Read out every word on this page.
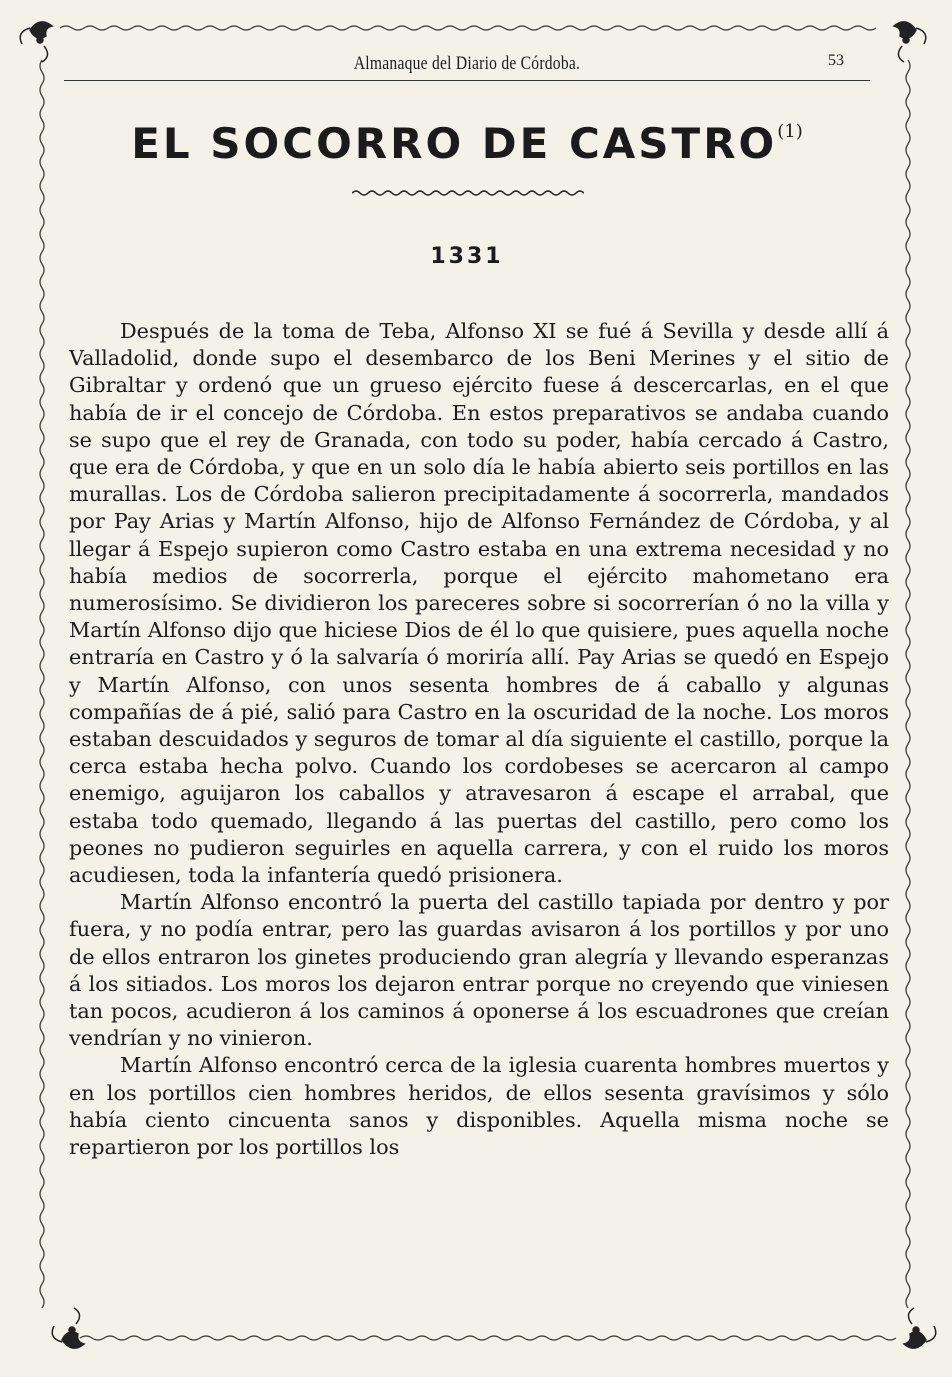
Almanaque del Diario de Córdoba.	53
EL SOCORRO DE CASTRO$^{(1)}$
1331

Después de la toma de Teba, Alfonso XI se fué á Sevilla y desde allí á Valladolid, donde supo el desembarco de los Beni Merines y el sitio de Gibraltar y ordenó que un grueso ejército fuese á descercarlas, en el que había de ir el concejo de Córdoba. En estos preparativos se andaba cuando se supo que el rey de Granada, con todo su poder, había cercado á Castro, que era de Córdoba, y que en un solo día le había abierto seis portillos en las murallas. Los de Córdoba salieron precipitadamente á socorrerla, mandados por Pay Arias y Martín Alfonso, hijo de Alfonso Fernández de Córdoba, y al llegar á Espejo supieron como Castro estaba en una extrema necesidad y no había medios de socorrerla, porque el ejército mahometano era numerosísimo. Se dividieron los pareceres sobre si socorrerían ó no la villa y Martín Alfonso dijo que hiciese Dios de él lo que quisiere, pues aquella noche entraría en Castro y ó la salvaría ó moriría allí. Pay Arias se quedó en Espejo y Martín Alfonso, con unos sesenta hombres de á caballo y algunas compañías de á pié, salió para Castro en la oscuridad de la noche. Los moros estaban descuidados y seguros de tomar al día siguiente el castillo, porque la cerca estaba hecha polvo. Cuando los cordobeses se acercaron al campo enemigo, aguijaron los caballos y atravesaron á escape el arrabal, que estaba todo quemado, llegando á las puertas del castillo, pero como los peones no pudieron seguirles en aquella carrera, y con el ruido los moros acudiesen, toda la infantería quedó prisionera.

Martín Alfonso encontró la puerta del castillo tapiada por dentro y por fuera, y no podía entrar, pero las guardas avisaron á los portillos y por uno de ellos entraron los ginetes produciendo gran alegría y llevando esperanzas á los sitiados. Los moros los dejaron entrar porque no creyendo que viniesen tan pocos, acudieron á los caminos á oponerse á los escuadrones que creían vendrían y no vinieron.

Martín Alfonso encontró cerca de la iglesia cuarenta hombres muertos y en los portillos cien hombres heridos, de ellos sesenta gravísimos y sólo había ciento cincuenta sanos y disponibles. Aquella misma noche se repartieron por los portillos los
